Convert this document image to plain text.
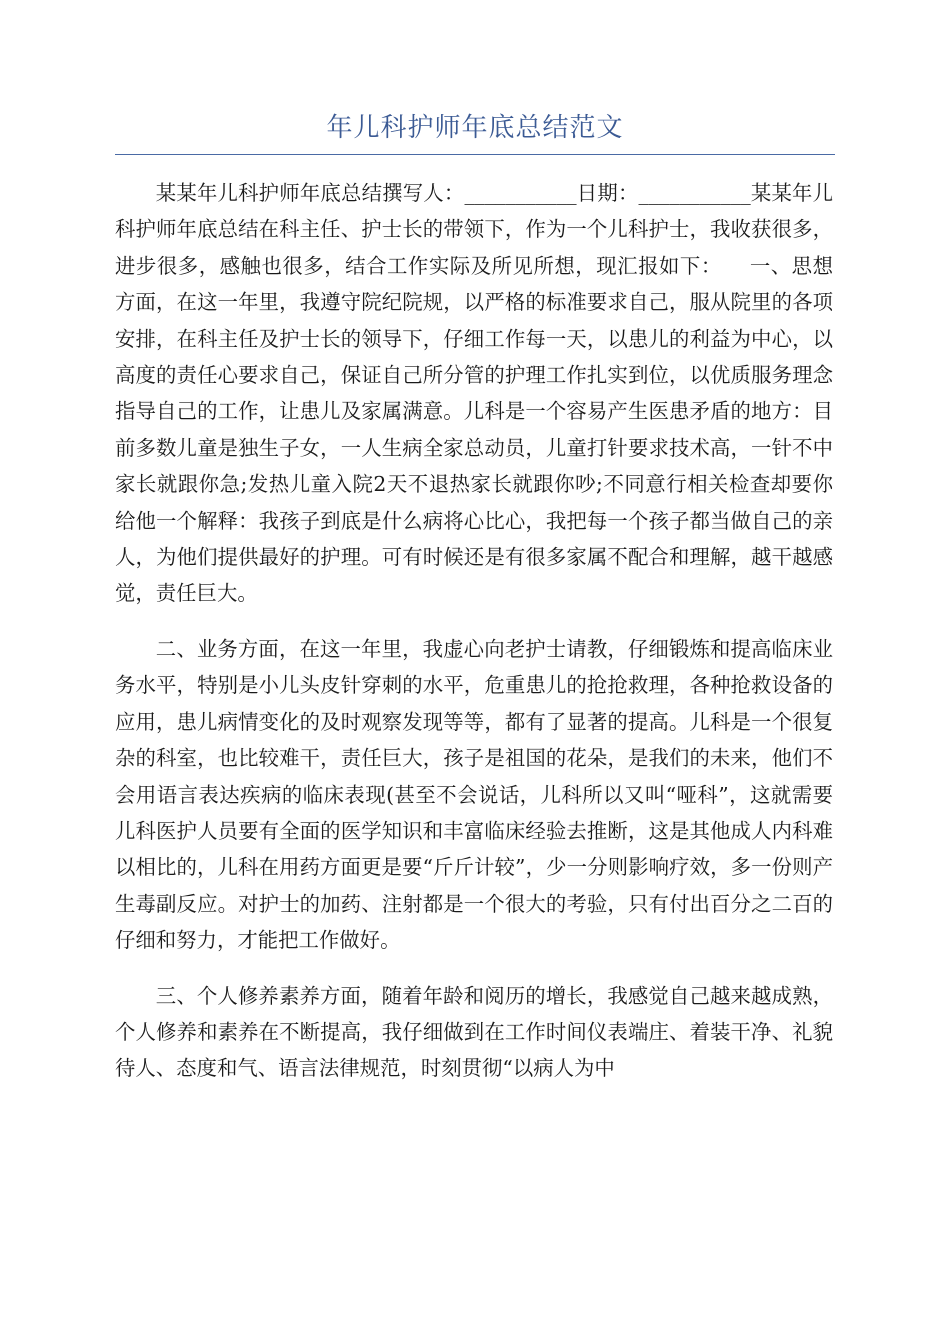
年儿科护师年底总结范文

某某年儿科护师年底总结撰写人：___________日期：___________某某年儿科护师年底总结在科主任、护士长的带领下，作为一个儿科护士，我收获很多，进步很多，感触也很多，结合工作实际及所见所想，现汇报如下：    一、思想方面，在这一年里，我遵守院纪院规，以严格的标准要求自己，服从院里的各项安排，在科主任及护士长的领导下，仔细工作每一天，以患儿的利益为中心，以高度的责任心要求自己，保证自己所分管的护理工作扎实到位，以优质服务理念指导自己的工作，让患儿及家属满意。儿科是一个容易产生医患矛盾的地方：目前多数儿童是独生子女，一人生病全家总动员，儿童打针要求技术高，一针不中家长就跟你急;发热儿童入院2天不退热家长就跟你吵;不同意行相关检查却要你给他一个解释：我孩子到底是什么病将心比心，我把每一个孩子都当做自己的亲人，为他们提供最好的护理。可有时候还是有很多家属不配合和理解，越干越感觉，责任巨大。

二、业务方面，在这一年里，我虚心向老护士请教，仔细锻炼和提高临床业务水平，特别是小儿头皮针穿刺的水平，危重患儿的抢抢救理，各种抢救设备的应用，患儿病情变化的及时观察发现等等，都有了显著的提高。儿科是一个很复杂的科室，也比较难干，责任巨大，孩子是祖国的花朵，是我们的未来，他们不会用语言表达疾病的临床表现(甚至不会说话，儿科所以又叫“哑科”，这就需要儿科医护人员要有全面的医学知识和丰富临床经验去推断，这是其他成人内科难以相比的，儿科在用药方面更是要“斤斤计较”，少一分则影响疗效，多一份则产生毒副反应。对护士的加药、注射都是一个很大的考验，只有付出百分之二百的仔细和努力，才能把工作做好。

三、个人修养素养方面，随着年龄和阅历的增长，我感觉自己越来越成熟，个人修养和素养在不断提高，我仔细做到在工作时间仪表端庄、着装干净、礼貌待人、态度和气、语言法律规范，时刻贯彻“以病人为中
